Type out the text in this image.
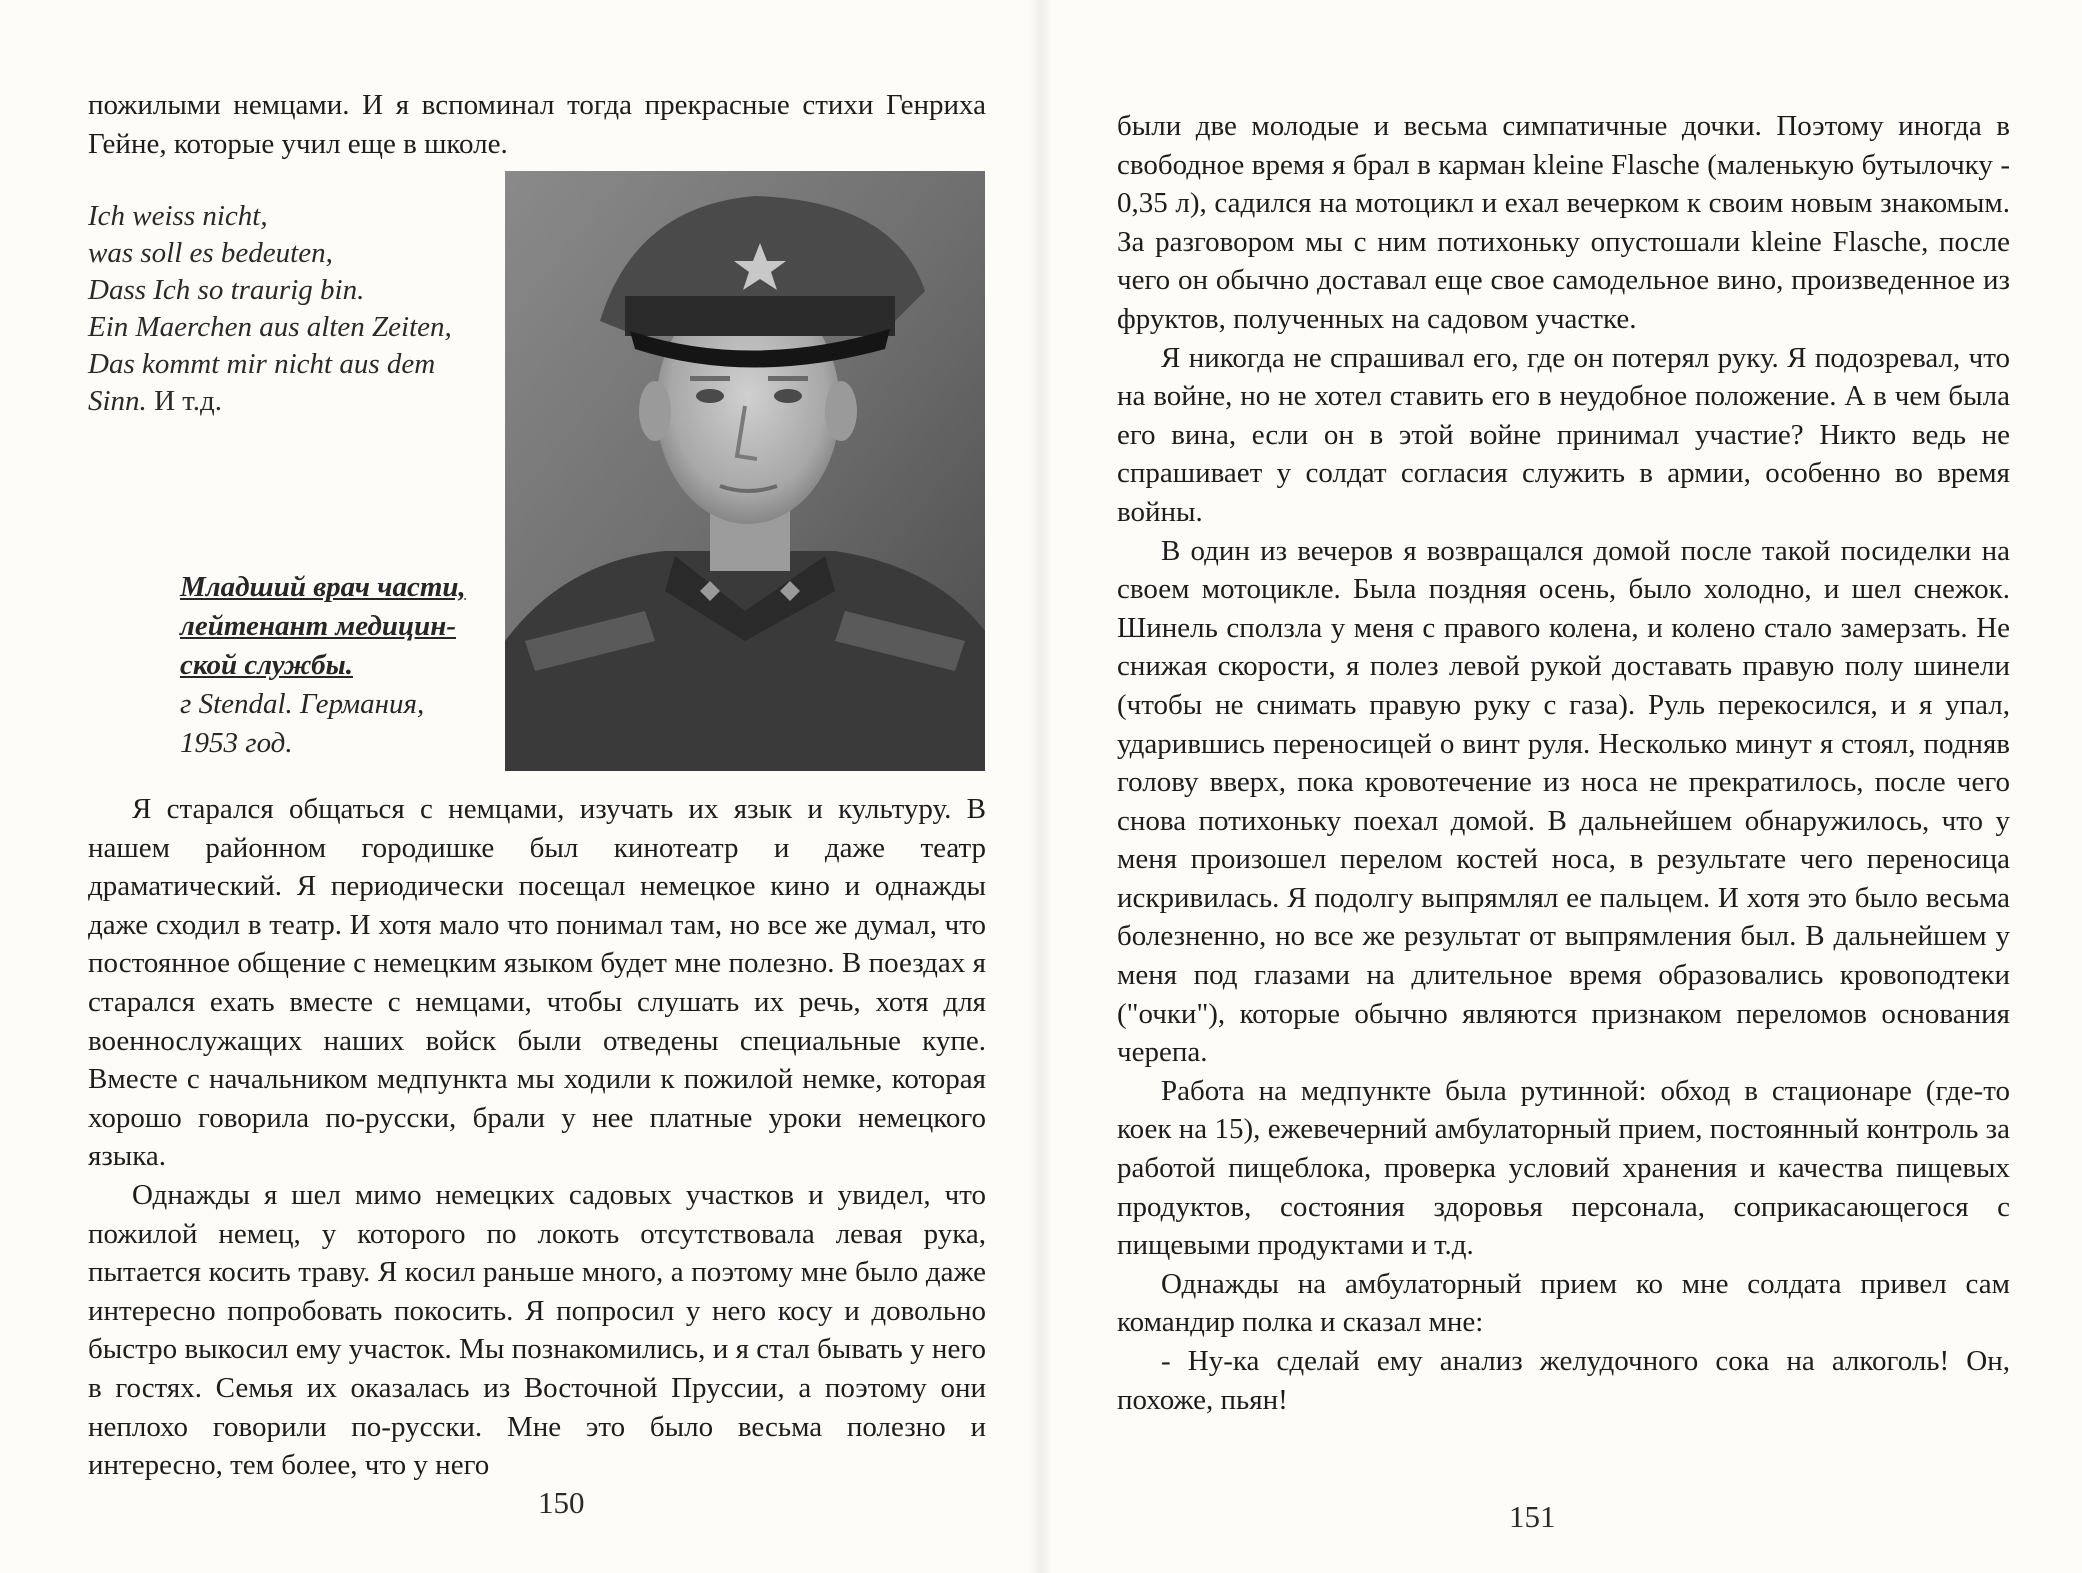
пожилыми немцами. И я вспоминал тогда прекрасные стихи Генриха Гейне, которые учил еще в школе.

Ich weiss nicht,
was soll es bedeuten,
Dass Ich so traurig bin.
Ein Maerchen aus alten Zeiten,
Das kommt mir nicht aus dem
Sinn. И т.д.
Младший врач части,
лейтенант медицин-
ской службы.
г Stendal. Германия,
1953 год.

Я старался общаться с немцами, изучать их язык и культуру. В нашем районном городишке был кинотеатр и даже театр драматический. Я периодически посещал немецкое кино и однажды даже сходил в театр. И хотя мало что понимал там, но все же думал, что постоянное общение с немецким языком будет мне полезно. В поездах я старался ехать вместе с немцами, чтобы слушать их речь, хотя для военнослужащих наших войск были отведены специальные купе. Вместе с начальником медпункта мы ходили к пожилой немке, которая хорошо говорила по-русски, брали у нее платные уроки немецкого языка.

Однажды я шел мимо немецких садовых участков и увидел, что пожилой немец, у которого по локоть отсутствовала левая рука, пытается косить траву. Я косил раньше много, а поэтому мне было даже интересно попробовать покосить. Я попросил у него косу и довольно быстро выкосил ему участок. Мы познакомились, и я стал бывать у него в гостях. Семья их оказалась из Восточной Пруссии, а поэтому они неплохо говорили по-русски. Мне это было весьма полезно и интересно, тем более, что у него

150

были две молодые и весьма симпатичные дочки. Поэтому иногда в свободное время я брал в карман kleine Flasche (маленькую бутылочку - 0,35 л), садился на мотоцикл и ехал вечерком к своим новым знакомым. За разговором мы с ним потихоньку опустошали kleine Flasche, после чего он обычно доставал еще свое самодельное вино, произведенное из фруктов, полученных на садовом участке.

Я никогда не спрашивал его, где он потерял руку. Я подозревал, что на войне, но не хотел ставить его в неудобное положение. А в чем была его вина, если он в этой войне принимал участие? Никто ведь не спрашивает у солдат согласия служить в армии, особенно во время войны.

В один из вечеров я возвращался домой после такой посиделки на своем мотоцикле. Была поздняя осень, было холодно, и шел снежок. Шинель сползла у меня с правого колена, и колено стало замерзать. Не снижая скорости, я полез левой рукой доставать правую полу шинели (чтобы не снимать правую руку с газа). Руль перекосился, и я упал, ударившись переносицей о винт руля. Несколько минут я стоял, подняв голову вверх, пока кровотечение из носа не прекратилось, после чего снова потихоньку поехал домой. В дальнейшем обнаружилось, что у меня произошел перелом костей носа, в результате чего переносица искривилась. Я подолгу выпрямлял ее пальцем. И хотя это было весьма болезненно, но все же результат от выпрямления был. В дальнейшем у меня под глазами на длительное время образовались кровоподтеки ("очки"), которые обычно являются признаком переломов основания черепа.

Работа на медпункте была рутинной: обход в стационаре (где-то коек на 15), ежевечерний амбулаторный прием, постоянный контроль за работой пищеблока, проверка условий хранения и качества пищевых продуктов, состояния здоровья персонала, соприкасающегося с пищевыми продуктами и т.д.

Однажды на амбулаторный прием ко мне солдата привел сам командир полка и сказал мне:

- Ну-ка сделай ему анализ желудочного сока на алкоголь! Он, похоже, пьян!

151
